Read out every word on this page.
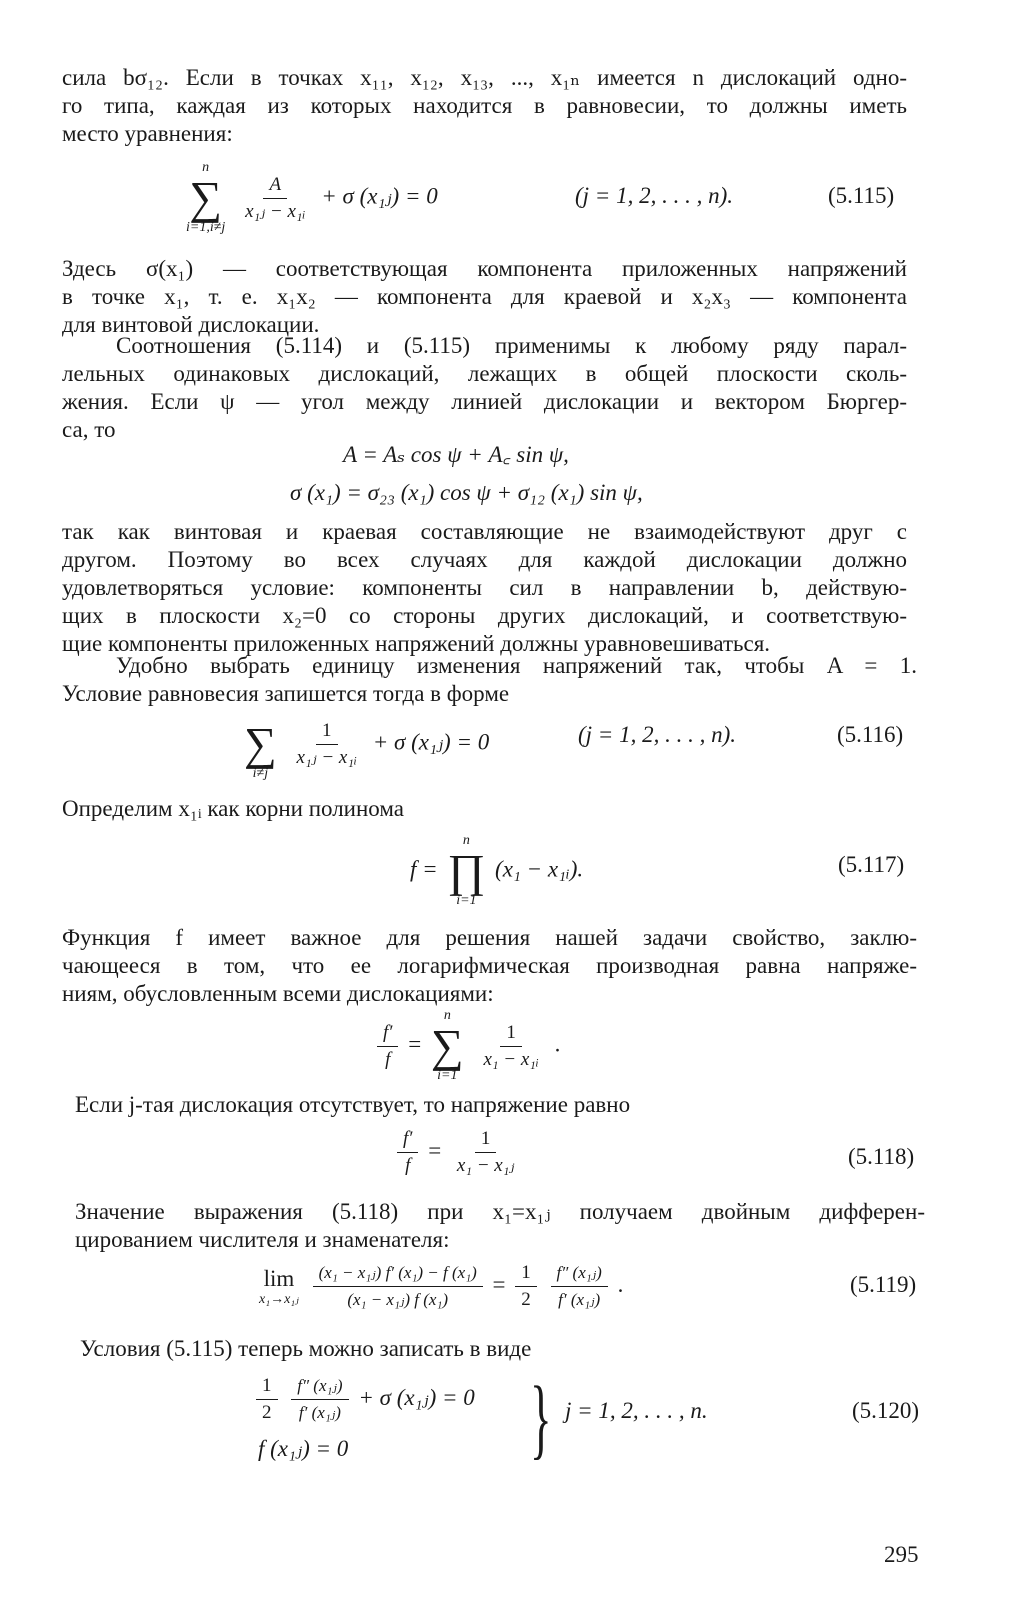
сила bσ₁₂. Если в точках x₁₁, x₁₂, x₁₃, ..., x₁ₙ имеется n дислокаций одно-
го типа, каждая из которых находится в равновесии, то должны иметь
место уравнения:
n
∑
i=1,i≠j

$\frac{A}{\text{x₁ⱼ − x₁ᵢ}} + \sigma$ (x₁ⱼ) = 0	(j = 1, 2, . . . , n).	(5.115)
Здесь σ(x₁) — соответствующая компонента приложенных напряжений
в точке x₁, т. е. x₁x₂ — компонента для краевой и x₂x₃ — компонента
для винтовой дислокации.
Соотношения (5.114) и (5.115) применимы к любому ряду парал-
лельных одинаковых дислокаций, лежащих в общей плоскости сколь-
жения. Если ψ — угол между линией дислокации и вектором Бюргер-
са, то
A = Aₛ cos ψ + A꜀ sin ψ,
σ (x₁) = σ₂₃ (x₁) cos ψ + σ₁₂ (x₁) sin ψ,
так как винтовая и краевая составляющие не взаимодействуют друг с
другом. Поэтому во всех случаях для каждой дислокации должно
удовлетворяться условие: компоненты сил в направлении b, действую-
щих в плоскости x₂=0 со стороны других дислокаций, и соответствую-
щие компоненты приложенных напряжений должны уравновешиваться.
Удобно выбрать единицу изменения напряжений так, чтобы A = 1.
Условие равновесия запишется тогда в форме

∑
i≠j

$\frac{1}{\text{x₁ⱼ − x₁ᵢ}} + \sigma$ (x₁ⱼ) = 0	(j = 1, 2, . . . , n).	(5.116)
Определим x₁ᵢ как корни полинома
f =
n
∏
i=1
(x₁ − x₁ᵢ).	(5.117)
Функция f имеет важное для решения нашей задачи свойство, заклю-
чающееся в том, что ее логарифмическая производная равна напряже-
ниям, обусловленным всеми дислокациями:
$\frac{f'}{f}$ =
n
∑
i=1

$\frac{1}{\text{x₁ − x₁ᵢ}}$ .
Если j-тая дислокация отсутствует, то напряжение равно
$\frac{f'}{f} = \frac{1}{\text{x₁ − x₁ⱼ}}$	(5.118)
Значение выражения (5.118) при x₁=x₁ⱼ получаем двойным дифферен-
цированием числителя и знаменателя:
lim
x₁→x₁ⱼ
$\frac{\text{(x₁ − x₁ⱼ) f′ (x₁) − f (x₁)}}{\text{(x₁ − x₁ⱼ) f (x₁)}} = \frac{1}{2}$
$\frac{\text{f″ (x₁ⱼ)}}{\text{f′ (x₁ⱼ)}}$ .	(5.119)
Условия (5.115) теперь можно записать в виде
$\frac{1}{2}$
$\frac{\text{f″ (x₁ⱼ)}}{\text{f′ (x₁ⱼ)}} + \sigma$ (x₁ⱼ) = 0
f (x₁ⱼ) = 0 } j = 1, 2, . . . , n.	(5.120)
295
